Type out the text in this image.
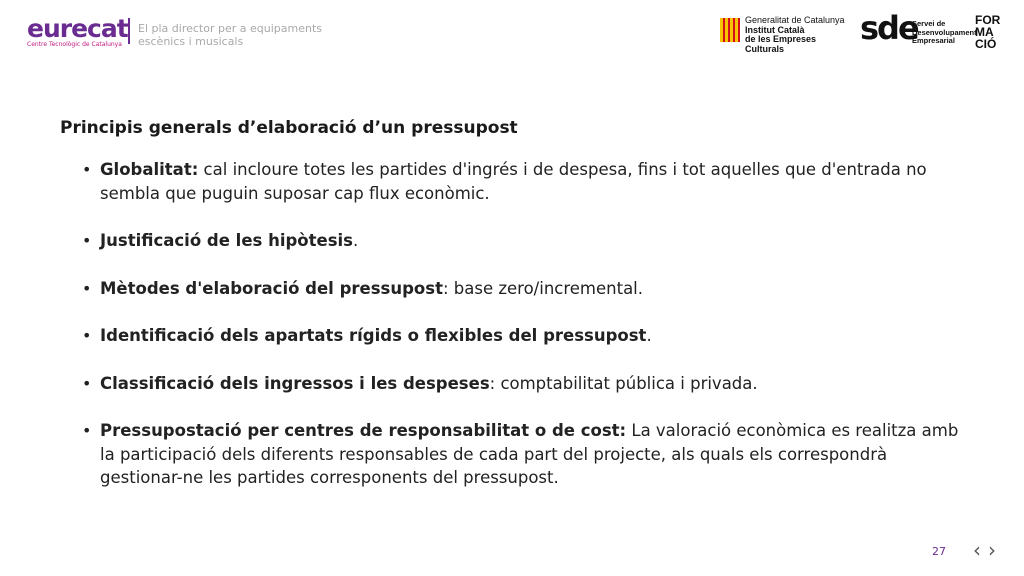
eurecat
Centre Tecnològic de Catalunya
El pla director per a equipaments
escènics i musicals
Generalitat de Catalunya
Institut Català
de les Empreses Culturals
sde
Servei de
Desenvolupament
Empresarial
FOR
MA
CIÓ
Principis generals d’elaboració d’un pressupost
• Globalitat: cal incloure totes les partides d'ingrés i de despesa, fins i tot aquelles que d'entrada no sembla que puguin suposar cap flux econòmic.
• Justificació de les hipòtesis.
• Mètodes d'elaboració del pressupost: base zero/incremental.
• Identificació dels apartats rígids o flexibles del pressupost.
• Classificació dels ingressos i les despeses: comptabilitat pública i privada.
• Pressupostació per centres de responsabilitat o de cost: La valoració econòmica es realitza amb la participació dels diferents responsables de cada part del projecte, als quals els correspondrà gestionar-ne les partides corresponents del pressupost.
27 ‹ ›
